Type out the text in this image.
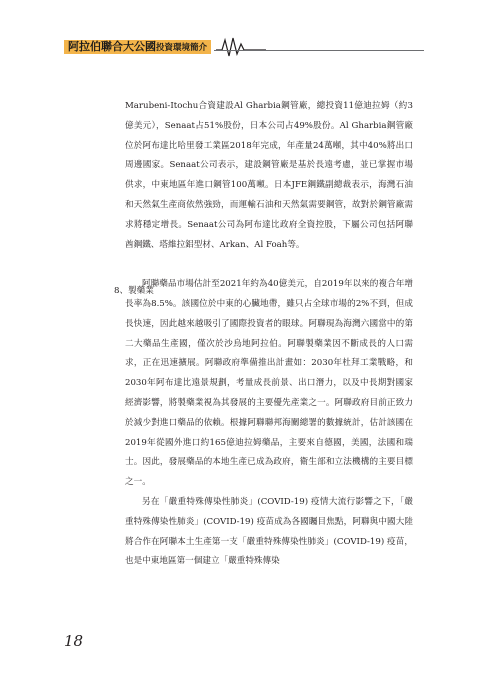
阿拉伯聯合大公國投資環境簡介

Marubeni-Itochu合資建設Al Gharbia鋼管廠，總投資11億迪拉姆（約3億美元），Senaat占51%股份，日本公司占49%股份。Al Gharbia鋼管廠位於阿布達比哈里發工業區2018年完成，年產量24萬噸，其中40%將出口周邊國家。Senaat公司表示，建設鋼管廠是基於長遠考慮，並已掌握市場供求，中東地區年進口鋼管100萬噸。日本JFE鋼鐵副總裁表示，海灣石油和天然氣生產商依然強勁，而運輸石油和天然氣需要鋼管，故對於鋼管廠需求將穩定增長。Senaat公司為阿布達比政府全資控股，下屬公司包括阿聯酋鋼鐵、塔維拉鋁型材、Arkan、Al Foah等。

阿聯藥品市場估計至2021年約為40億美元，自2019年以來的複合年增長率為8.5%。該國位於中東的心臟地帶，雖只占全球市場的2%不到，但成長快速，因此越來越吸引了國際投資者的眼球。阿聯現為海灣六國當中的第二大藥品生產國，僅次於沙烏地阿拉伯。阿聯製藥業因不斷成長的人口需求，正在迅速擴展。阿聯政府準備推出計畫如：2030年杜拜工業戰略，和2030年阿布達比遠景規劃，考量成長前景、出口潛力，以及中長期對國家經濟影響，將製藥業視為其發展的主要優先產業之一。阿聯政府目前正致力於減少對進口藥品的依賴。根據阿聯聯邦海關總署的數據統計，估計該國在2019年從國外進口約165億迪拉姆藥品，主要來自德國，美國，法國和瑞士。因此，發展藥品的本地生產已成為政府，衛生部和立法機構的主要目標之一。

另在「嚴重特殊傳染性肺炎」(COVID-19) 疫情大流行影響之下，「嚴重特殊傳染性肺炎」(COVID-19) 疫苗成為各國矚目焦點，阿聯與中國大陸將合作在阿聯本土生產第一支「嚴重特殊傳染性肺炎」(COVID-19) 疫苗，也是中東地區第一個建立「嚴重特殊傳染

8、製藥業
18
